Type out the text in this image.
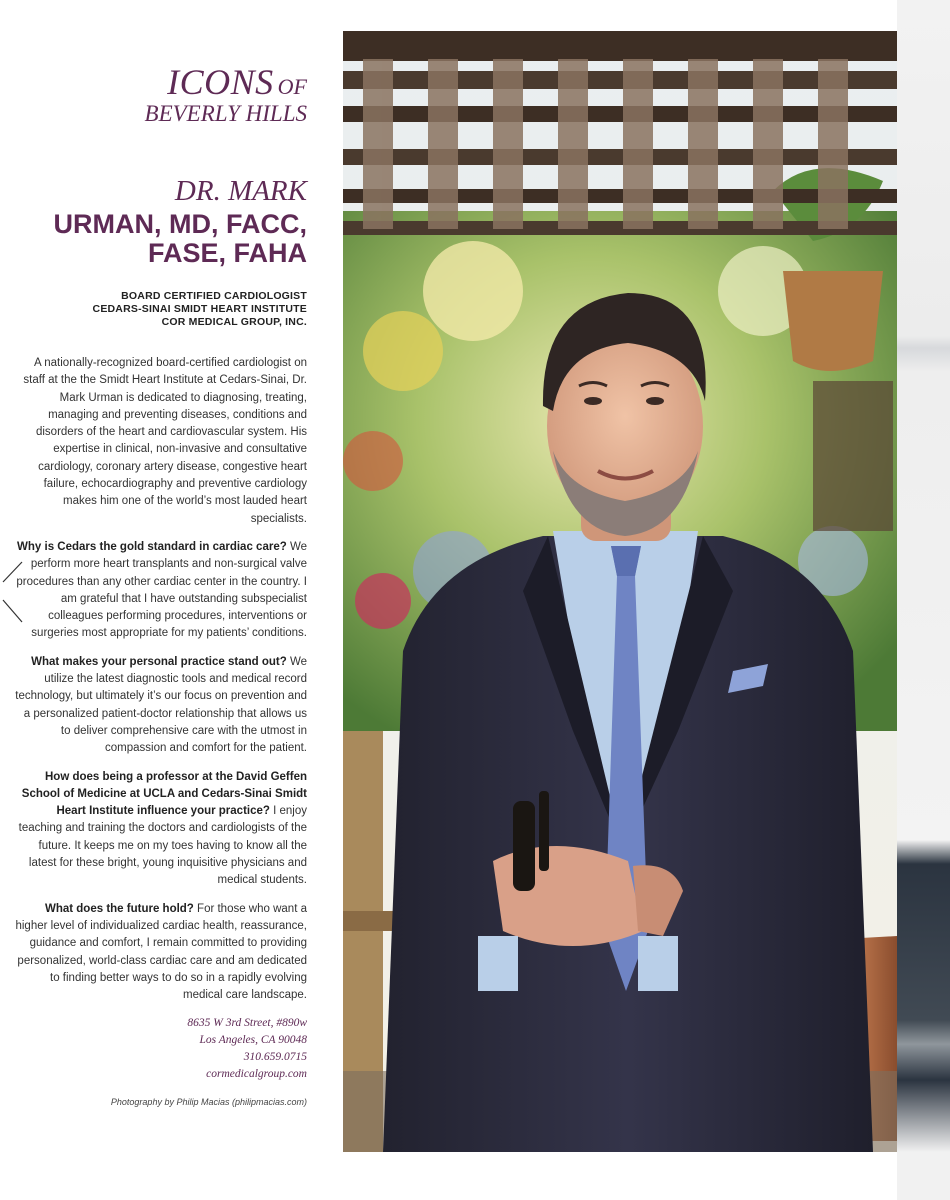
ICONS OF
BEVERLY HILLS
DR. MARK
URMAN, MD, FACC,
FASE, FAHA
BOARD CERTIFIED CARDIOLOGIST
CEDARS-SINAI SMIDT HEART INSTITUTE
COR MEDICAL GROUP, INC.

A nationally-recognized board-certified cardiologist on staff at the the Smidt Heart Institute at Cedars-Sinai, Dr. Mark Urman is dedicated to diagnosing, treating, managing and preventing diseases, conditions and disorders of the heart and cardiovascular system. His expertise in clinical, non-invasive and consultative cardiology, coronary artery disease, congestive heart failure, echocardiography and preventive cardiology makes him one of the world’s most lauded heart specialists.

Why is Cedars the gold standard in cardiac care? We perform more heart transplants and non-surgical valve procedures than any other cardiac center in the country. I am grateful that I have outstanding subspecialist colleagues performing procedures, interventions or surgeries most appropriate for my patients’ conditions.

What makes your personal practice stand out? We utilize the latest diagnostic tools and medical record technology, but ultimately it’s our focus on prevention and a personalized patient-doctor relationship that allows us to deliver comprehensive care with the utmost in compassion and comfort for the patient.

How does being a professor at the David Geffen School of Medicine at UCLA and Cedars-Sinai Smidt Heart Institute influence your practice? I enjoy teaching and training the doctors and cardiologists of the future. It keeps me on my toes having to know all the latest for these bright, young inquisitive physicians and medical students.

What does the future hold? For those who want a higher level of individualized cardiac health, reassurance, guidance and comfort, I remain committed to providing personalized, world-class cardiac care and am dedicated to finding better ways to do so in a rapidly evolving medical care landscape.

8635 W 3rd Street, #890w
Los Angeles, CA 90048
310.659.0715
cormedicalgroup.com
Photography by Philip Macias (philipmacias.com)
